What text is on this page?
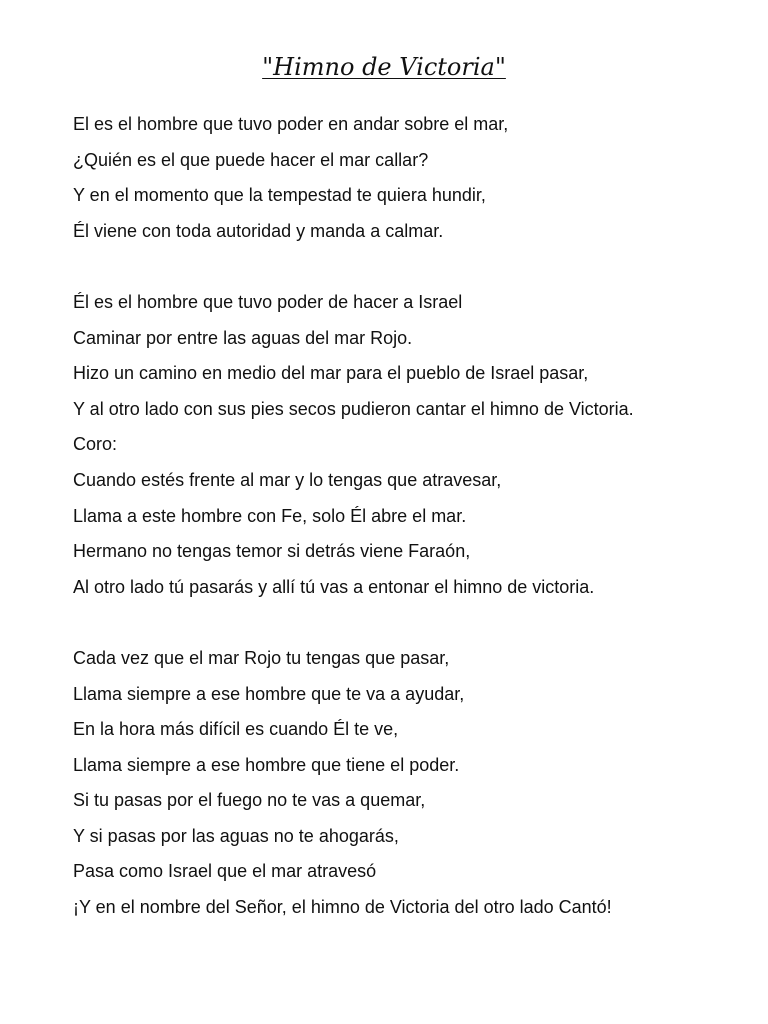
"Himno de Victoria"
El es el hombre que tuvo poder en andar sobre el mar,
¿Quién es el que puede hacer el mar callar?
Y en el momento que la tempestad te quiera hundir,
Él viene con toda autoridad y manda a calmar.
Él es el hombre que tuvo poder de hacer a Israel
Caminar por entre las aguas del mar Rojo.
Hizo un camino en medio del mar para el pueblo de Israel pasar,
Y al otro lado con sus pies secos pudieron cantar el himno de Victoria.
Coro:
Cuando estés frente al mar y lo tengas que atravesar,
Llama a este hombre con Fe, solo Él abre el mar.
Hermano no tengas temor si detrás viene Faraón,
Al otro lado tú pasarás y allí tú vas a entonar el himno de victoria.
Cada vez que el mar Rojo tu tengas que pasar,
Llama siempre a ese hombre que te va a ayudar,
En la hora más difícil es cuando Él te ve,
Llama siempre a ese hombre que tiene el poder.
Si tu pasas por el fuego no te vas a quemar,
Y si pasas por las aguas no te ahogarás,
Pasa como Israel que el mar atravesó
¡Y en el nombre del Señor, el himno de Victoria del otro lado Cantó!
